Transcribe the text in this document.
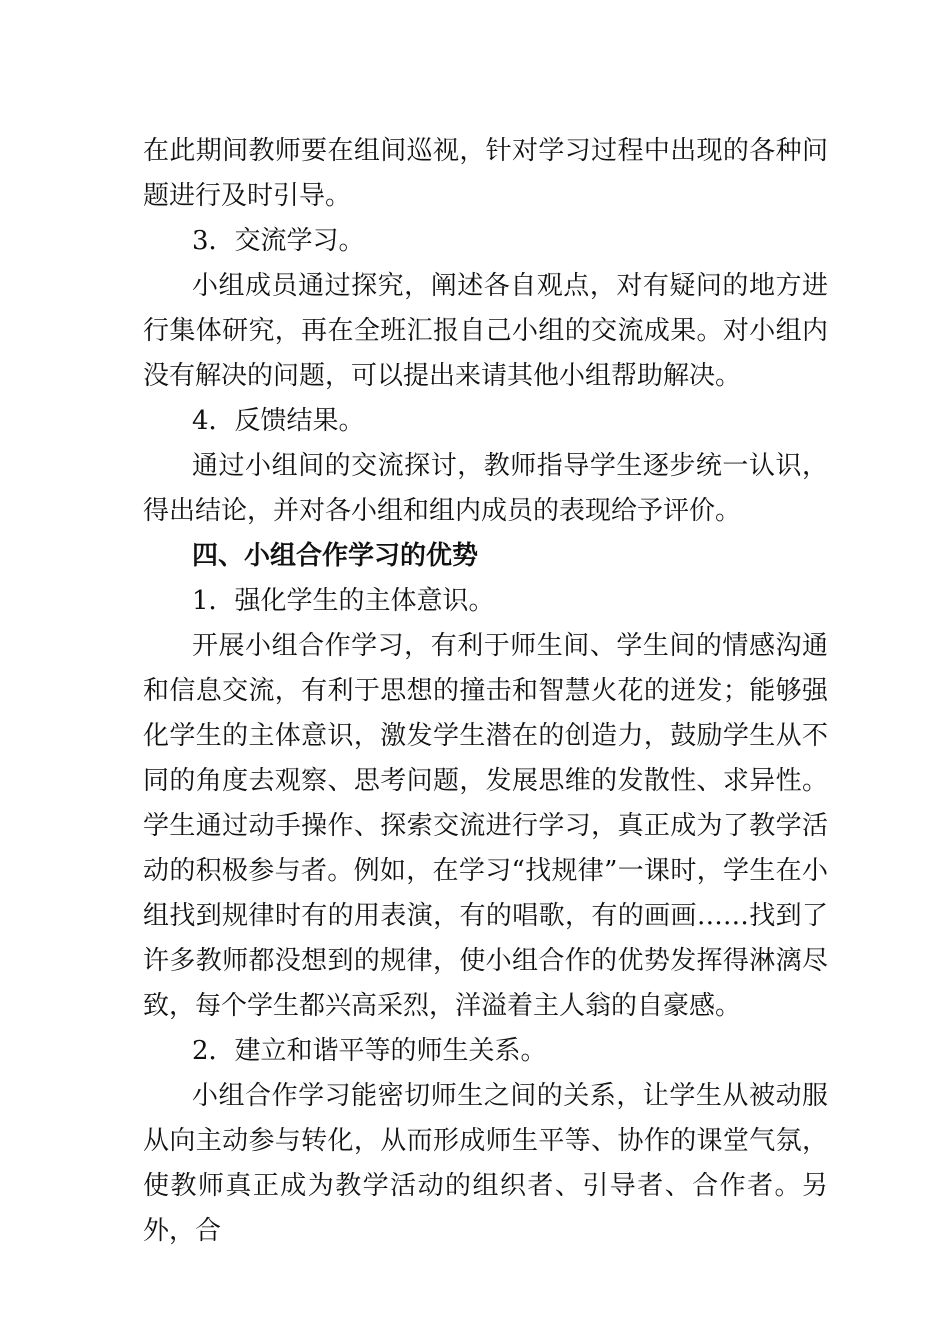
在此期间教师要在组间巡视，针对学习过程中出现的各种问题进行及时引导。

3．交流学习。

小组成员通过探究，阐述各自观点，对有疑问的地方进行集体研究，再在全班汇报自己小组的交流成果。对小组内没有解决的问题，可以提出来请其他小组帮助解决。

4．反馈结果。

通过小组间的交流探讨，教师指导学生逐步统一认识，得出结论，并对各小组和组内成员的表现给予评价。

四、小组合作学习的优势

1．强化学生的主体意识。

开展小组合作学习，有利于师生间、学生间的情感沟通和信息交流，有利于思想的撞击和智慧火花的迸发；能够强化学生的主体意识，激发学生潜在的创造力，鼓励学生从不同的角度去观察、思考问题，发展思维的发散性、求异性。学生通过动手操作、探索交流进行学习，真正成为了教学活动的积极参与者。例如，在学习“找规律”一课时，学生在小组找到规律时有的用表演，有的唱歌，有的画画……找到了许多教师都没想到的规律，使小组合作的优势发挥得淋漓尽致，每个学生都兴高采烈，洋溢着主人翁的自豪感。

2．建立和谐平等的师生关系。

小组合作学习能密切师生之间的关系，让学生从被动服从向主动参与转化，从而形成师生平等、协作的课堂气氛，使教师真正成为教学活动的组织者、引导者、合作者。另外，合
